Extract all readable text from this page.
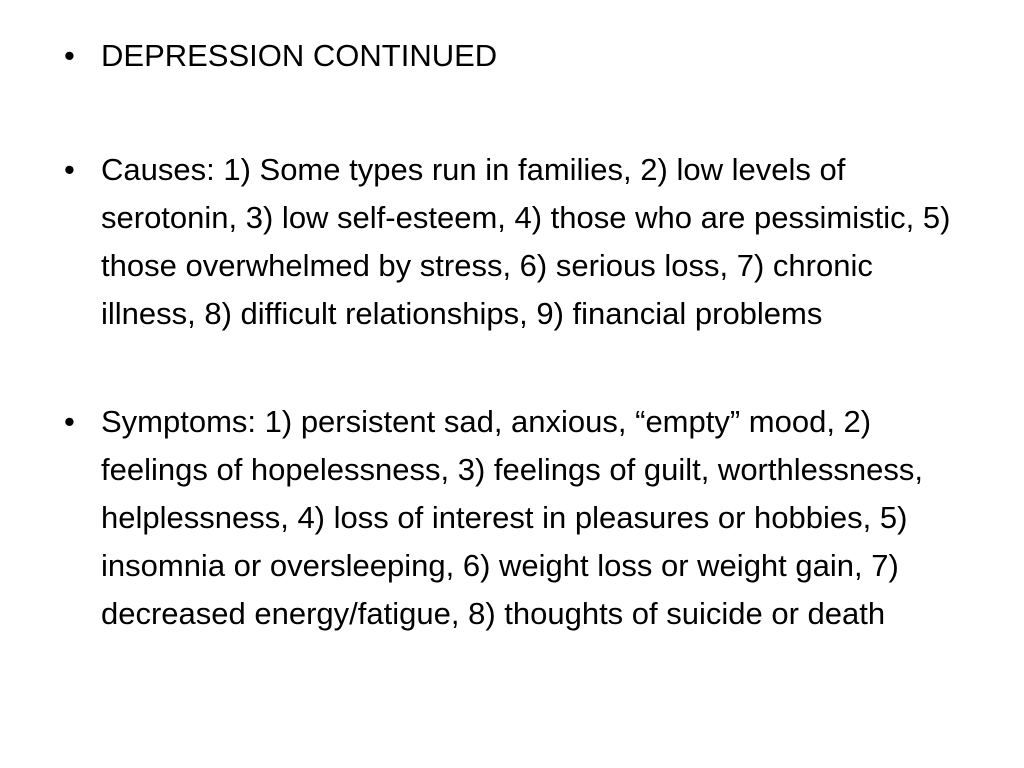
• DEPRESSION CONTINUED
• Causes: 1) Some types run in families, 2) low levels of serotonin, 3) low self-esteem, 4) those who are pessimistic, 5) those overwhelmed by stress, 6) serious loss, 7) chronic illness, 8) difficult relationships, 9) financial problems
• Symptoms: 1) persistent sad, anxious, “empty” mood, 2) feelings of hopelessness, 3) feelings of guilt, worthlessness, helplessness, 4) loss of interest in pleasures or hobbies, 5) insomnia or oversleeping, 6) weight loss or weight gain, 7) decreased energy/fatigue, 8) thoughts of suicide or death
